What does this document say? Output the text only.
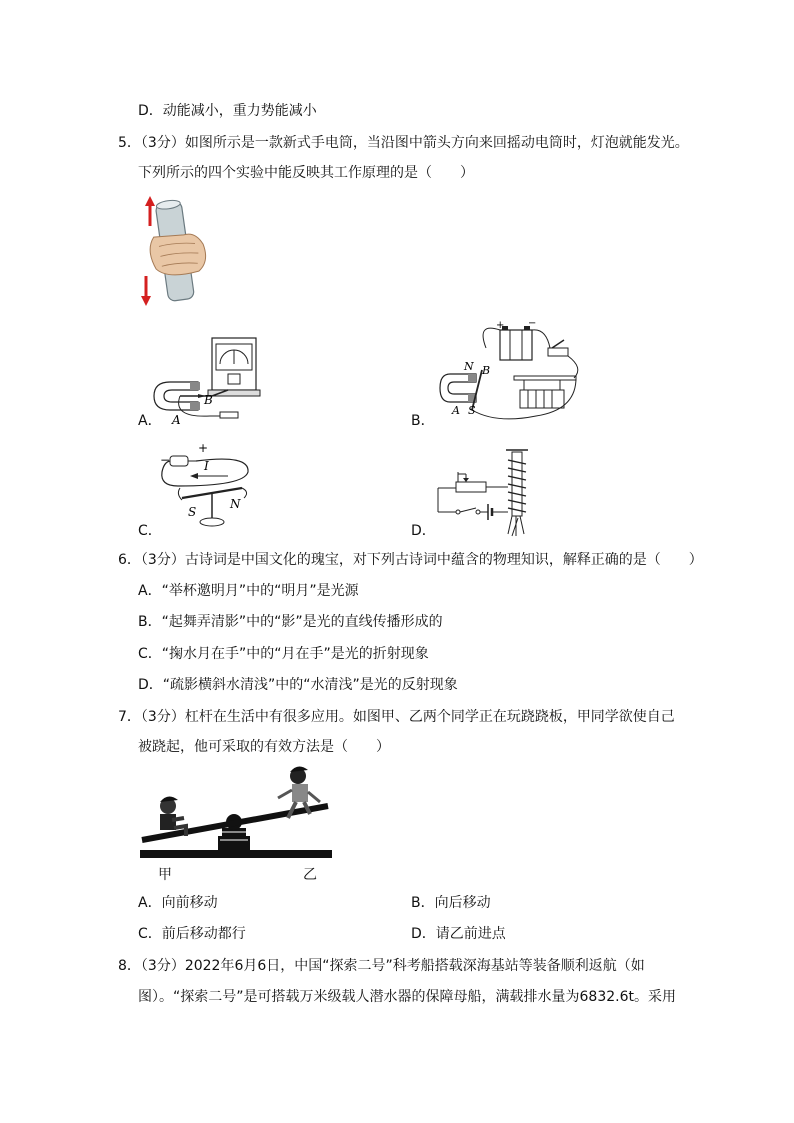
D．动能减小，重力势能减小
5．（3分）如图所示是一款新式手电筒，当沿图中箭头方向来回摇动电筒时，灯泡就能发光。
下列所示的四个实验中能反映其工作原理的是（　　）
A． A
B
B．
+ −
N
S
A
B
C．
+
−	I
S
N
D．
6．（3分）古诗词是中国文化的瑰宝，对下列古诗词中蕴含的物理知识，解释正确的是（　　）
A．“举杯邀明月”中的“明月”是光源
B．“起舞弄清影”中的“影”是光的直线传播形成的
C．“掬水月在手”中的“月在手”是光的折射现象
D．“疏影横斜水清浅”中的“水清浅”是光的反射现象
7．（3分）杠杆在生活中有很多应用。如图甲、乙两个同学正在玩跷跷板，甲同学欲使自己
被跷起，他可采取的有效方法是（　　）
甲	乙
A．向前移动	B．向后移动
C．前后移动都行	D．请乙前进点
8．（3分）2022年6月6日，中国“探索二号”科考船搭载深海基站等装备顺利返航（如
图）。“探索二号”是可搭载万米级载人潜水器的保障母船，满载排水量为6832.6t。采用
